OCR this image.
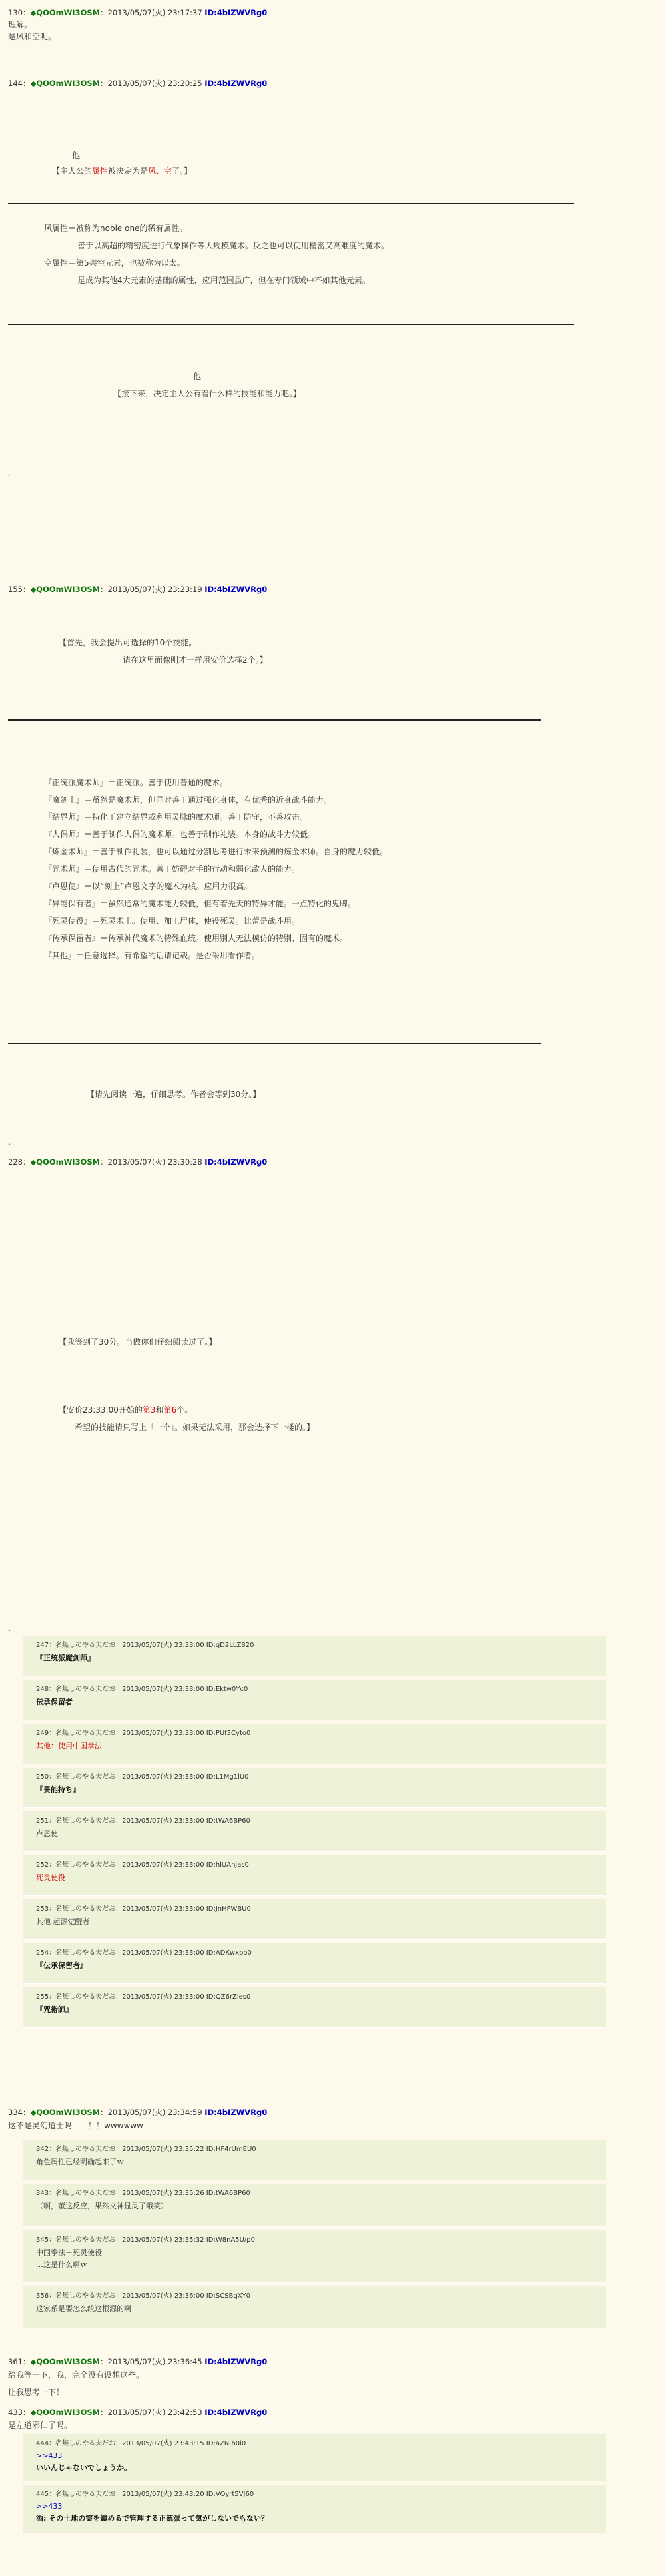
130：◆QOOmWI3OSM：2013/05/07(火) 23:17:37 ID:4bIZWVRg0
理解。
是风和空呢。
144：◆QOOmWI3OSM：2013/05/07(火) 23:20:25 ID:4bIZWVRg0
他
【主人公的属性被决定为是风、空了。】
风属性＝被称为noble one的稀有属性。
善于以高超的精密度进行气象操作等大规模魔术。反之也可以使用精密又高难度的魔术。
空属性＝第5架空元素，也被称为以太。
是成为其他4大元素的基础的属性，应用范围虽广，但在专门领域中不如其他元素。
他
【接下来，决定主人公有着什么样的技能和能力吧。】
、
155：◆QOOmWI3OSM：2013/05/07(火) 23:23:19 ID:4bIZWVRg0
【首先，我会提出可选择的10个技能。
请在这里面像刚才一样用安价选择2个。】
『正统派魔术师』＝正统派。善于使用普通的魔术。
『魔剑士』＝虽然是魔术师，但同时善于通过强化身体，有优秀的近身战斗能力。
『结界师』＝特化于建立结界或利用灵脉的魔术师。善于防守，不善攻击。
『人偶师』＝善于制作人偶的魔术师。也善于制作礼装。本身的战斗力较低。
『炼金术师』＝善于制作礼装，也可以通过分割思考进行未来预测的炼金术师。自身的魔力较低。
『咒术师』＝使用古代的咒术。善于妨碍对手的行动和弱化敌人的能力。
『卢恩使』＝以“刻上”卢恩文字的魔术为核。应用力很高。
『异能保有者』＝虽然通常的魔术能力较低，但有着先天的特异才能。一点特化的鬼牌。
『死灵使役』＝死灵术士。使用、加工尸体，使役死灵。比蕾是战斗用。
『传承保留者』＝传承神代魔术的特殊血统。使用别人无法模仿的特别、固有的魔术。
『其他』＝任意选择。有希望的话请记载。是否采用看作者。
【请先阅读一遍，仔细思考。作者会等到30分。】
、
228：◆QOOmWI3OSM：2013/05/07(火) 23:30:28 ID:4bIZWVRg0
【我等到了30分。当做你们仔细阅读过了。】
【安价23:33:00开始的第3和第6个。
希望的技能请只写上「一个」。如果无法采用，那会选择下一楼的。】
、
247：名無しのやる夫だお：2013/05/07(火) 23:33:00 ID:qD2LLZ820
『正统派魔剑师』
248：名無しのやる夫だお：2013/05/07(火) 23:33:00 ID:Ektw0Yc0
伝承保留者
249：名無しのやる夫だお：2013/05/07(火) 23:33:00 ID:PUf3Cyto0
其他：使用中国拳法
250：名無しのやる夫だお：2013/05/07(火) 23:33:00 ID:L1Mg1lU0
『異能持ち』
251：名無しのやる夫だお：2013/05/07(火) 23:33:00 ID:tWA6BP60
卢恩使
252：名無しのやる夫だお：2013/05/07(火) 23:33:00 ID:hlUAnjas0
死灵使役
253：名無しのやる夫だお：2013/05/07(火) 23:33:00 ID:JnHFWBU0
其他 起源觉醒者
254：名無しのやる夫だお：2013/05/07(火) 23:33:00 ID:ADKwxpo0
『伝承保留者』
255：名無しのやる夫だお：2013/05/07(火) 23:33:00 ID:QZ6rZles0
『咒術師』
334：◆QOOmWI3OSM：2013/05/07(火) 23:34:59 ID:4bIZWVRg0
这不是灵幻道士吗——！！wwwwww
342：名無しのやる夫だお：2013/05/07(火) 23:35:22 ID:HF4rUmEU0
角色属性已经明确起来了ｗ
343：名無しのやる夫だお：2013/05/07(火) 23:35:26 ID:tWA6BP60
（啊，董这反应，果然文神显灵了哦笑）
345：名無しのやる夫だお：2013/05/07(火) 23:35:32 ID:W8nA5U/p0
中国拳法＋死灵使役
…这是什么啊ｗ
356：名無しのやる夫だお：2013/05/07(火) 23:36:00 ID:SCSBqXY0
这家系是要怎么统这根源的啊
361：◆QOOmWI3OSM：2013/05/07(火) 23:36:45 ID:4bIZWVRg0
给我等一下，我，完全没有设想这些。
让我思考一下！
433：◆QOOmWI3OSM：2013/05/07(火) 23:42:53 ID:4bIZWVRg0
是左道邪仙了吗。
444：名無しのやる夫だお：2013/05/07(火) 23:43:15 ID:aZN.h0i0
>>433
いいんじゃないでしょうか。
445：名無しのやる夫だお：2013/05/07(火) 23:43:20 ID:VOyrt5VJ60
>>433
酒: その土地の霊を鎮めるで管理する正統派って気がしないでもない？
